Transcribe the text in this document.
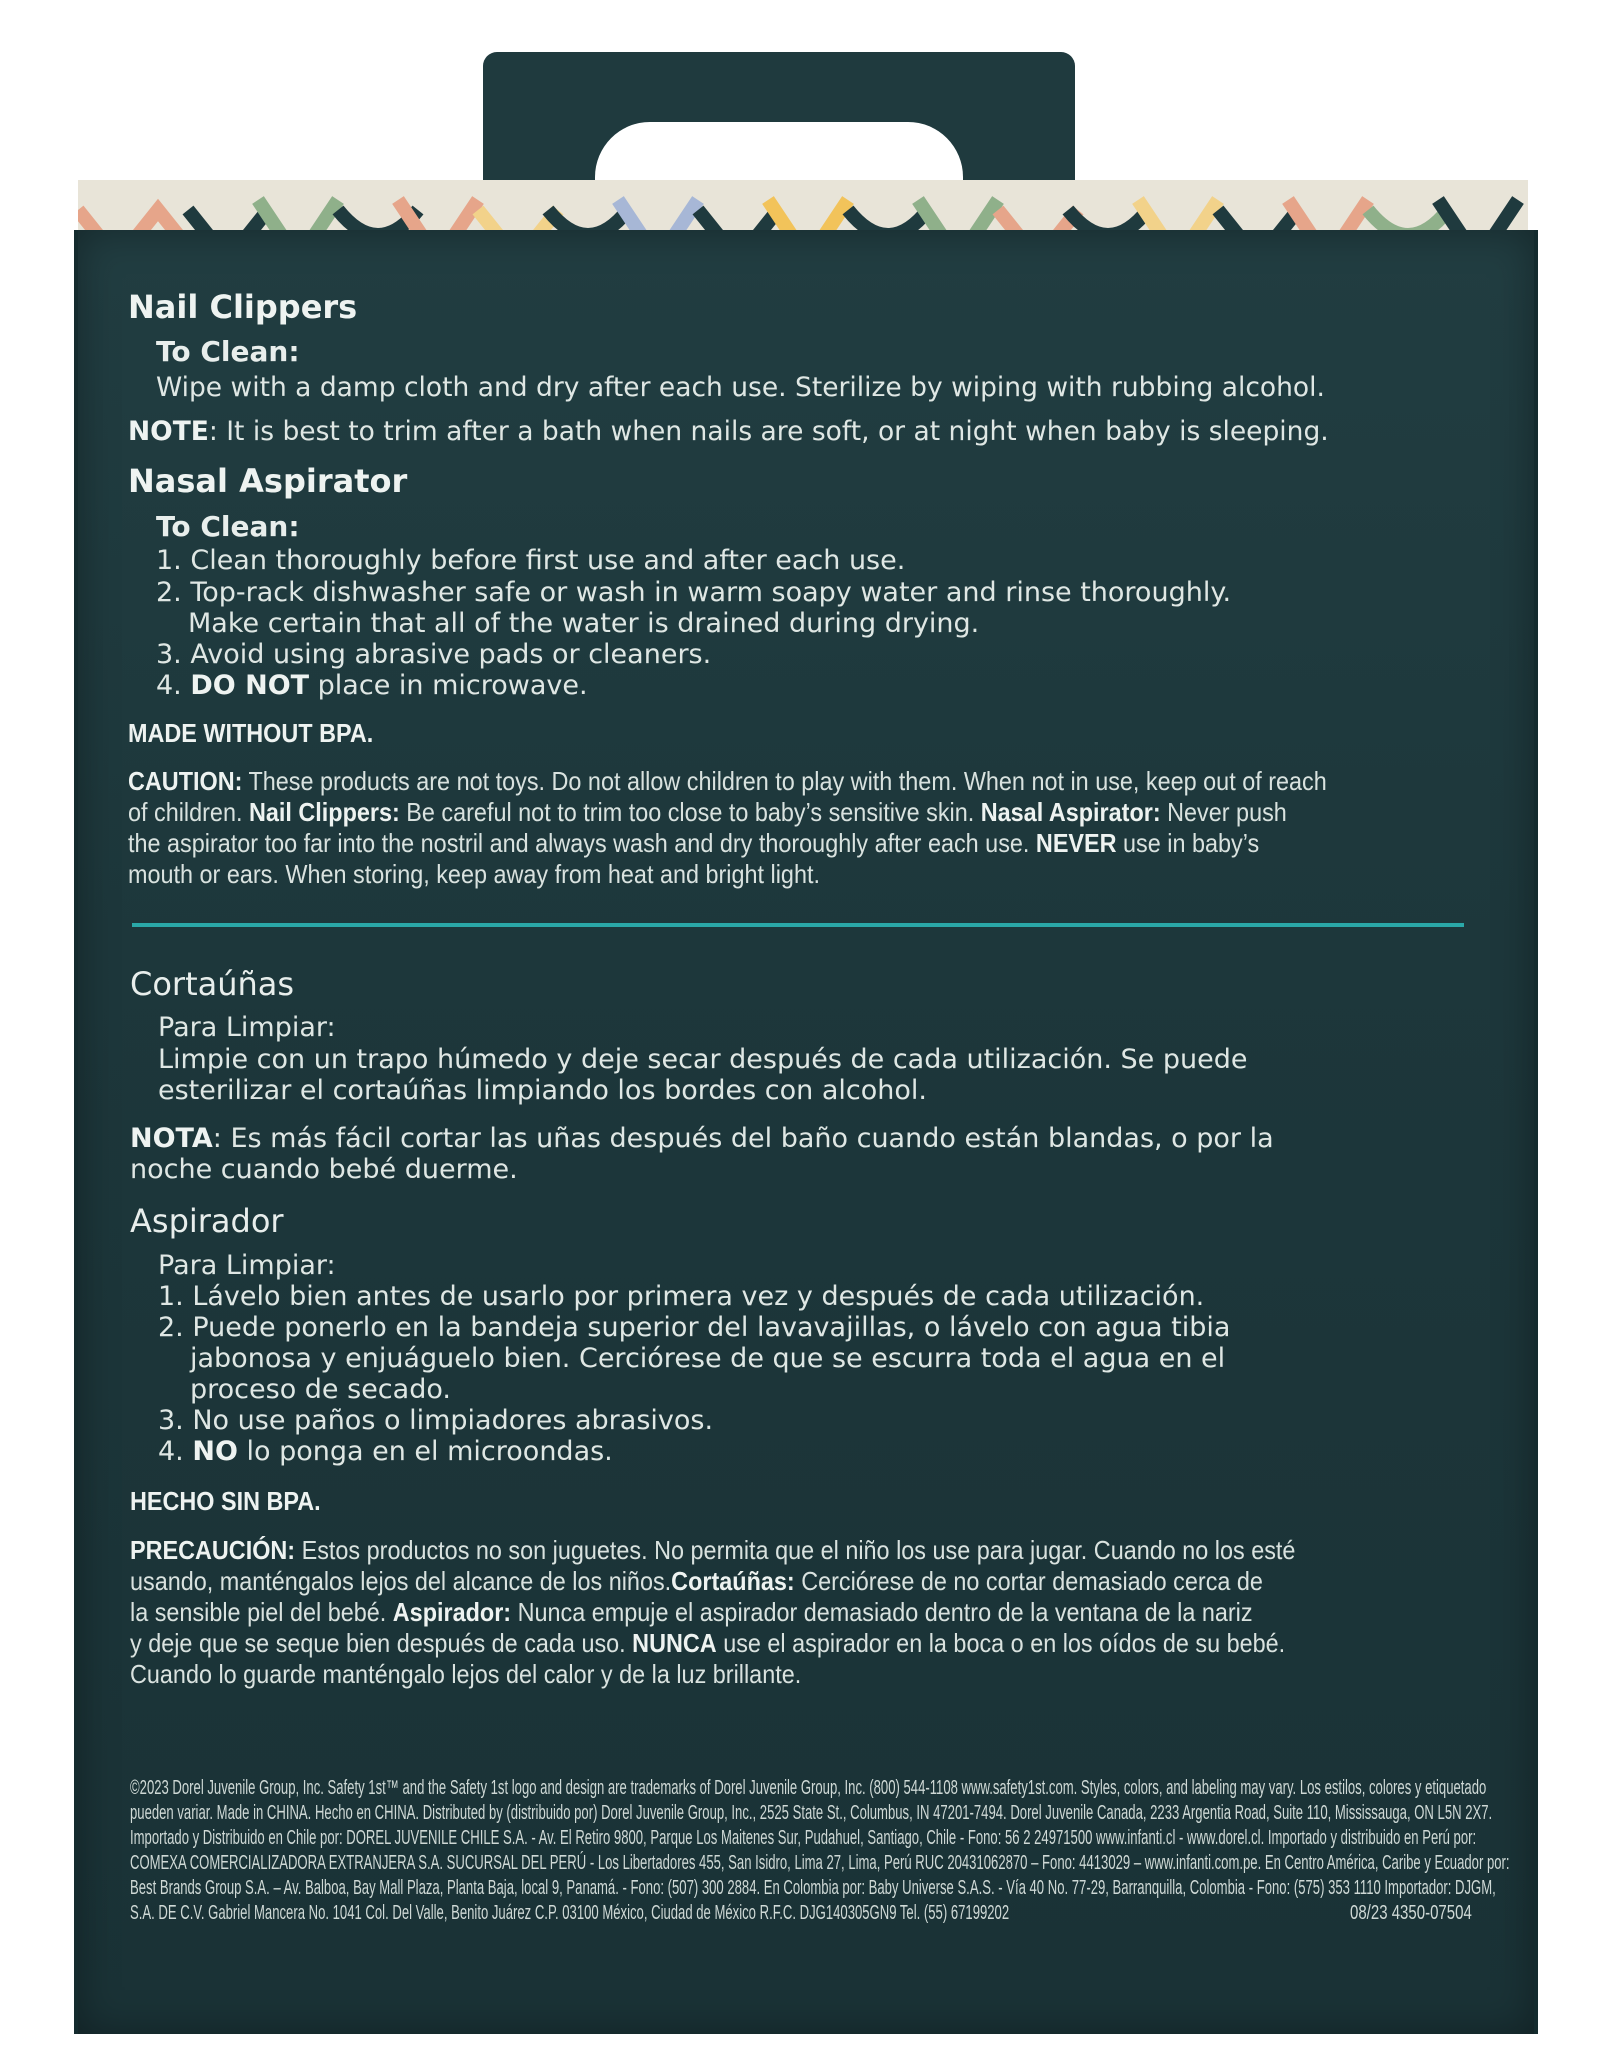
Nail Clippers
To Clean:
Wipe with a damp cloth and dry after each use. Sterilize by wiping with rubbing alcohol.
NOTE: It is best to trim after a bath when nails are soft, or at night when baby is sleeping.
Nasal Aspirator
To Clean:
1. Clean thoroughly before first use and after each use.
2. Top-rack dishwasher safe or wash in warm soapy water and rinse thoroughly.
Make certain that all of the water is drained during drying.
3. Avoid using abrasive pads or cleaners.
4. DO NOT place in microwave.
MADE WITHOUT BPA.
CAUTION: These products are not toys. Do not allow children to play with them. When not in use, keep out of reach
of children. Nail Clippers: Be careful not to trim too close to baby’s sensitive skin. Nasal Aspirator: Never push
the aspirator too far into the nostril and always wash and dry thoroughly after each use. NEVER use in baby’s
mouth or ears. When storing, keep away from heat and bright light.
Cortaúñas
Para Limpiar:
Limpie con un trapo húmedo y deje secar después de cada utilización. Se puede
esterilizar el cortaúñas limpiando los bordes con alcohol.
NOTA: Es más fácil cortar las uñas después del baño cuando están blandas, o por la
noche cuando bebé duerme.
Aspirador
Para Limpiar:
1. Lávelo bien antes de usarlo por primera vez y después de cada utilización.
2. Puede ponerlo en la bandeja superior del lavavajillas, o lávelo con agua tibia
jabonosa y enjuáguelo bien. Cerciórese de que se escurra toda el agua en el
proceso de secado.
3. No use paños o limpiadores abrasivos.
4. NO lo ponga en el microondas.
HECHO SIN BPA.
PRECAUCIÓN: Estos productos no son juguetes. No permita que el niño los use para jugar. Cuando no los esté
usando, manténgalos lejos del alcance de los niños.Cortaúñas: Cerciórese de no cortar demasiado cerca de
la sensible piel del bebé. Aspirador: Nunca empuje el aspirador demasiado dentro de la ventana de la nariz
y deje que se seque bien después de cada uso. NUNCA use el aspirador en la boca o en los oídos de su bebé.
Cuando lo guarde manténgalo lejos del calor y de la luz brillante.
©2023 Dorel Juvenile Group, Inc. Safety 1st™ and the Safety 1st logo and design are trademarks of Dorel Juvenile Group, Inc. (800) 544-1108 www.safety1st.com. Styles, colors, and labeling may vary. Los estilos, colores y etiquetado
pueden variar. Made in CHINA. Hecho en CHINA. Distributed by (distribuido por) Dorel Juvenile Group, Inc., 2525 State St., Columbus, IN 47201-7494. Dorel Juvenile Canada, 2233 Argentia Road, Suite 110, Mississauga, ON L5N 2X7.
Importado y Distribuido en Chile por: DOREL JUVENILE CHILE S.A. - Av. El Retiro 9800, Parque Los Maitenes Sur, Pudahuel, Santiago, Chile - Fono: 56 2 24971500 www.infanti.cl - www.dorel.cl. Importado y distribuido en Perú por:
COMEXA COMERCIALIZADORA EXTRANJERA S.A. SUCURSAL DEL PERÚ - Los Libertadores 455, San Isidro, Lima 27, Lima, Perú RUC 20431062870 – Fono: 4413029 – www.infanti.com.pe. En Centro América, Caribe y Ecuador por:
Best Brands Group S.A. – Av. Balboa, Bay Mall Plaza, Planta Baja, local 9, Panamá. - Fono: (507) 300 2884. En Colombia por: Baby Universe S.A.S. - Vía 40 No. 77-29, Barranquilla, Colombia - Fono: (575) 353 1110 Importador: DJGM,
S.A. DE C.V. Gabriel Mancera No. 1041 Col. Del Valle, Benito Juárez C.P. 03100 México, Ciudad de México R.F.C. DJG140305GN9 Tel. (55) 67199202	08/23 4350-07504
